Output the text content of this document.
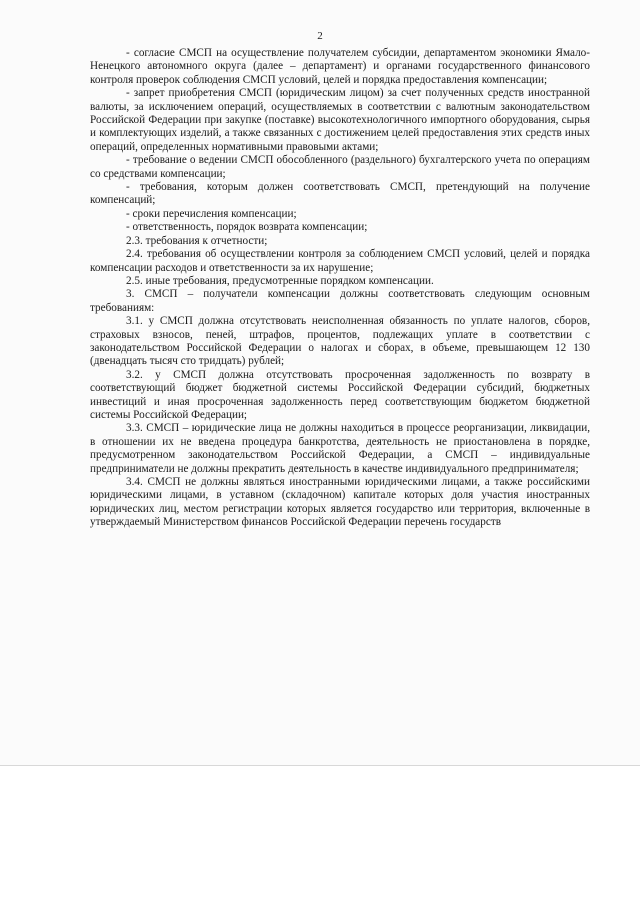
2

- согласие СМСП на осуществление получателем субсидии, департаментом экономики Ямало-Ненецкого автономного округа (далее – департамент) и органами государственного финансового контроля проверок соблюдения СМСП условий, целей и порядка предоставления компенсации;

- запрет приобретения СМСП (юридическим лицом) за счет полученных средств иностранной валюты, за исключением операций, осуществляемых в соответствии с валютным законодательством Российской Федерации при закупке (поставке) высокотехнологичного импортного оборудования, сырья и комплектующих изделий, а также связанных с достижением целей предоставления этих средств иных операций, определенных нормативными правовыми актами;

- требование о ведении СМСП обособленного (раздельного) бухгалтерского учета по операциям со средствами компенсации;

- требования, которым должен соответствовать СМСП, претендующий на получение компенсаций;

- сроки перечисления компенсации;

- ответственность, порядок возврата компенсации;

2.3. требования к отчетности;

2.4. требования об осуществлении контроля за соблюдением СМСП условий, целей и порядка компенсации расходов и ответственности за их нарушение;

2.5. иные требования, предусмотренные порядком компенсации.

3. СМСП – получатели компенсации должны соответствовать следующим основным требованиям:

3.1. у СМСП должна отсутствовать неисполненная обязанность по уплате налогов, сборов, страховых взносов, пеней, штрафов, процентов, подлежащих уплате в соответствии с законодательством Российской Федерации о налогах и сборах, в объеме, превышающем 12 130 (двенадцать тысяч сто тридцать) рублей;

3.2. у СМСП должна отсутствовать просроченная задолженность по возврату в соответствующий бюджет бюджетной системы Российской Федерации субсидий, бюджетных инвестиций и иная просроченная задолженность перед соответствующим бюджетом бюджетной системы Российской Федерации;

3.3. СМСП – юридические лица не должны находиться в процессе реорганизации, ликвидации, в отношении их не введена процедура банкротства, деятельность не приостановлена в порядке, предусмотренном законодательством Российской Федерации, а СМСП – индивидуальные предприниматели не должны прекратить деятельность в качестве индивидуального предпринимателя;

3.4. СМСП не должны являться иностранными юридическими лицами, а также российскими юридическими лицами, в уставном (складочном) капитале которых доля участия иностранных юридических лиц, местом регистрации которых является государство или территория, включенные в утверждаемый Министерством финансов Российской Федерации перечень государств
